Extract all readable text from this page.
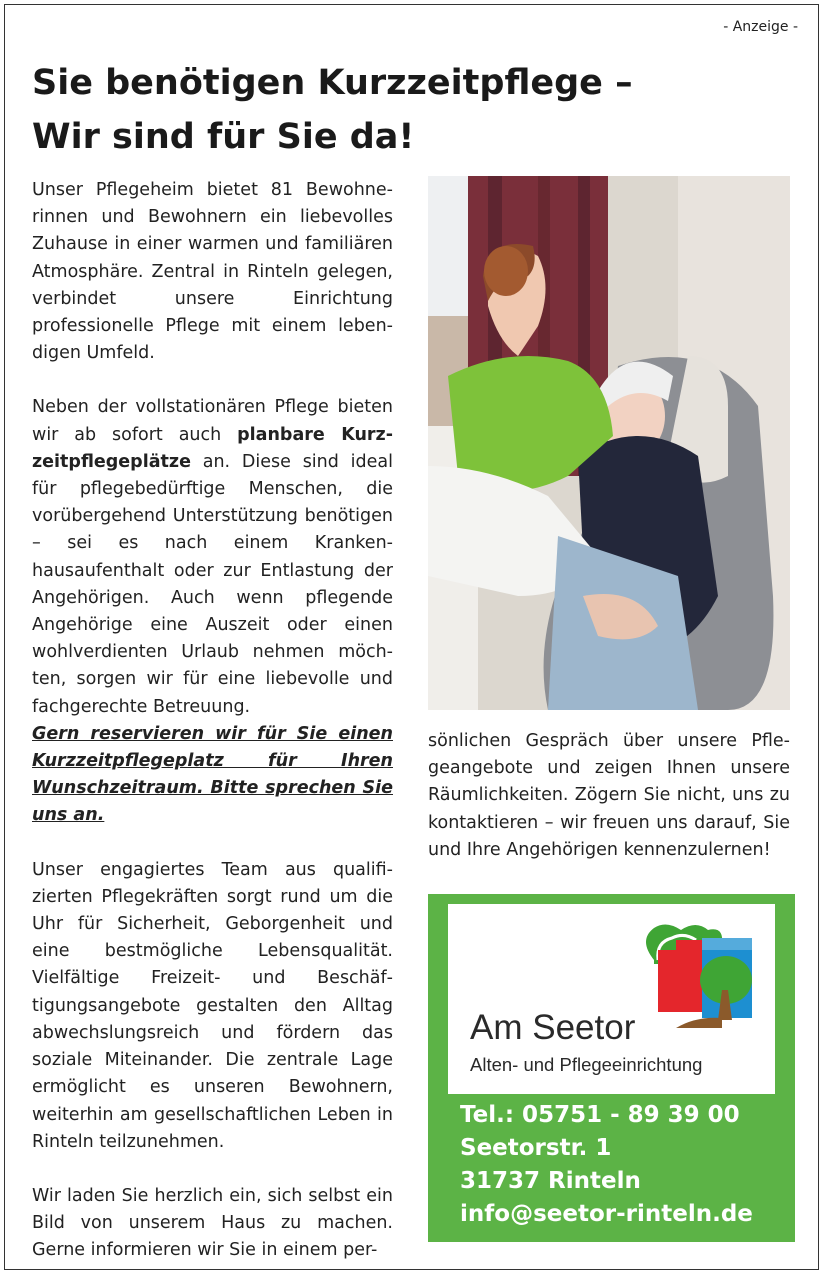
- Anzeige -
Sie benötigen Kurzzeitpflege –
Wir sind für Sie da!

Unser Pflegeheim bietet 81 Bewohnerinnen und Bewohnern ein liebevolles Zuhause in einer warmen und familiären Atmosphäre. Zentral in Rinteln gelegen, verbindet unsere Einrichtung professionelle Pflege mit einem lebendigen Umfeld.

Neben der vollstationären Pflege bieten wir ab sofort auch planbare Kurzzeitpflegeplätze an. Diese sind ideal für pflegebedürftige Menschen, die vorübergehend Unterstützung benötigen – sei es nach einem Krankenhausaufenthalt oder zur Entlastung der Angehörigen. Auch wenn pflegende Angehörige eine Auszeit oder einen wohlverdienten Urlaub nehmen möchten, sorgen wir für eine liebevolle und fachgerechte Betreuung.

Gern reservieren wir für Sie einen Kurzzeitpflegeplatz für Ihren Wunschzeitraum. Bitte sprechen Sie uns an.

Unser engagiertes Team aus qualifizierten Pflegekräften sorgt rund um die Uhr für Sicherheit, Geborgenheit und eine bestmögliche Lebensqualität. Vielfältige Freizeit- und Beschäftigungsangebote gestalten den Alltag abwechslungsreich und fördern das soziale Miteinander. Die zentrale Lage ermöglicht es unseren Bewohnern, weiterhin am gesellschaftlichen Leben in Rinteln teilzunehmen.

Wir laden Sie herzlich ein, sich selbst ein Bild von unserem Haus zu machen. Gerne informieren wir Sie in einem per-

sönlichen Gespräch über unsere Pflegeangebote und zeigen Ihnen unsere Räumlichkeiten. Zögern Sie nicht, uns zu kontaktieren – wir freuen uns darauf, Sie und Ihre Angehörigen kennenzulernen!

Am Seetor
Alten- und Pflegeeinrichtung
Tel.: 05751 - 89 39 00
Seetorstr. 1
31737 Rinteln
info@seetor-rinteln.de
